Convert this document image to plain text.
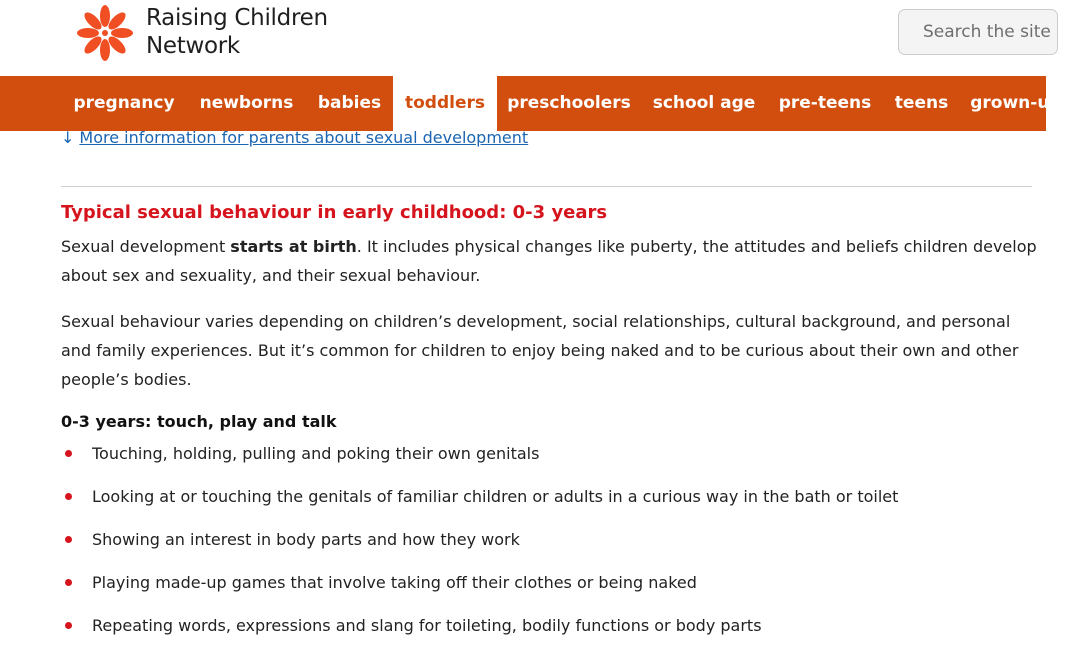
Raising Children
Network
Search the site
pregnancy	newborns	babies	toddlers	preschoolers	school age	pre-teens	teens	grown-ups
↓ More information for parents about sexual development
Typical sexual behaviour in early childhood: 0-3 years

Sexual development starts at birth. It includes physical changes like puberty, the attitudes and beliefs children develop about sex and sexuality, and their sexual behaviour.

Sexual behaviour varies depending on children’s development, social relationships, cultural background, and personal and family experiences. But it’s common for children to enjoy being naked and to be curious about their own and other people’s bodies.

0-3 years: touch, play and talk
Touching, holding, pulling and poking their own genitals
Looking at or touching the genitals of familiar children or adults in a curious way in the bath or toilet
Showing an interest in body parts and how they work
Playing made-up games that involve taking off their clothes or being naked
Repeating words, expressions and slang for toileting, bodily functions or body parts
